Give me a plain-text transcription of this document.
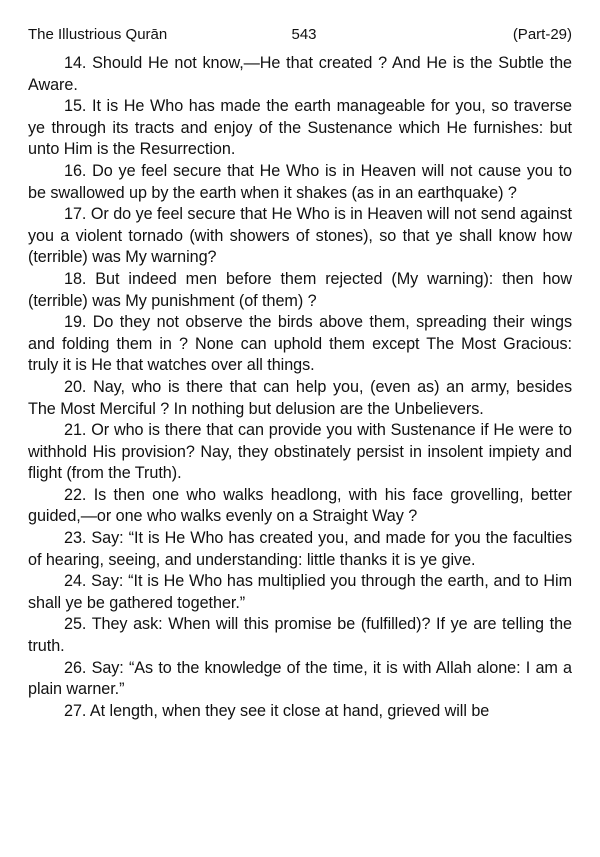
The Illustrious Qurān	543	(Part-29)

14. Should He not know,—He that created ? And He is the Subtle the Aware.

15. It is He Who has made the earth manageable for you, so traverse ye through its tracts and enjoy of the Sustenance which He furnishes: but unto Him is the Resurrection.

16. Do ye feel secure that He Who is in Heaven will not cause you to be swallowed up by the earth when it shakes (as in an earthquake) ?

17. Or do ye feel secure that He Who is in Heaven will not send against you a violent tornado (with showers of stones), so that ye shall know how (terrible) was My warning?

18. But indeed men before them rejected (My warning): then how (terrible) was My punishment (of them) ?

19. Do they not observe the birds above them, spreading their wings and folding them in ? None can uphold them except The Most Gracious: truly it is He that watches over all things.

20. Nay, who is there that can help you, (even as) an army, besides The Most Merciful ? In nothing but delusion are the Unbelievers.

21. Or who is there that can provide you with Sustenance if He were to withhold His provision? Nay, they obstinately persist in insolent impiety and flight (from the Truth).

22. Is then one who walks headlong, with his face grovelling, better guided,—or one who walks evenly on a Straight Way ?

23. Say: “It is He Who has created you, and made for you the faculties of hearing, seeing, and understanding: little thanks it is ye give.

24. Say: “It is He Who has multiplied you through the earth, and to Him shall ye be gathered together.”

25. They ask: When will this promise be (fulfilled)? If ye are telling the truth.

26. Say: “As to the knowledge of the time, it is with Allah alone: I am a plain warner.”

27. At length, when they see it close at hand, grieved will be
